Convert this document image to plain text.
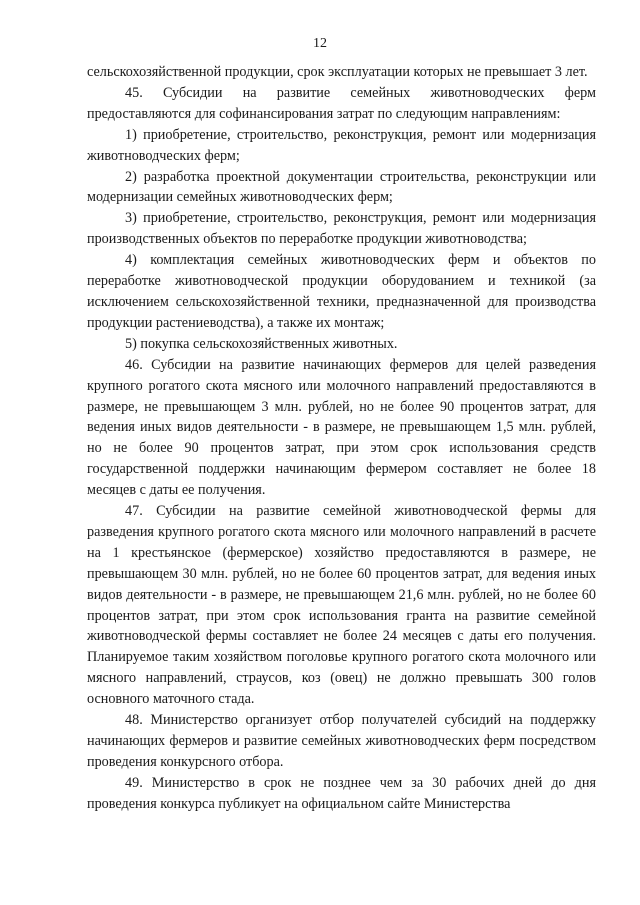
12

сельскохозяйственной продукции, срок эксплуатации которых не превышает 3 лет.

45. Субсидии на развитие семейных животноводческих ферм предоставляются для софинансирования затрат по следующим направлениям:

1) приобретение, строительство, реконструкция, ремонт или модернизация животноводческих ферм;

2) разработка проектной документации строительства, реконструкции или модернизации семейных животноводческих ферм;

3) приобретение, строительство, реконструкция, ремонт или модернизация производственных объектов по переработке продукции животноводства;

4) комплектация семейных животноводческих ферм и объектов по переработке животноводческой продукции оборудованием и техникой (за исключением сельскохозяйственной техники, предназначенной для производства продукции растениеводства), а также их монтаж;

5) покупка сельскохозяйственных животных.

46. Субсидии на развитие начинающих фермеров для целей разведения крупного рогатого скота мясного или молочного направлений предоставляются в размере, не превышающем 3 млн. рублей, но не более 90 процентов затрат, для ведения иных видов деятельности - в размере, не превышающем 1,5 млн. рублей, но не более 90 процентов затрат, при этом срок использования средств государственной поддержки начинающим фермером составляет не более 18 месяцев с даты ее получения.

47. Субсидии на развитие семейной животноводческой фермы для разведения крупного рогатого скота мясного или молочного направлений в расчете на 1 крестьянское (фермерское) хозяйство предоставляются в размере, не превышающем 30 млн. рублей, но не более 60 процентов затрат, для ведения иных видов деятельности - в размере, не превышающем 21,6 млн. рублей, но не более 60 процентов затрат, при этом срок использования гранта на развитие семейной животноводческой фермы составляет не более 24 месяцев с даты его получения. Планируемое таким хозяйством поголовье крупного рогатого скота молочного или мясного направлений, страусов, коз (овец) не должно превышать 300 голов основного маточного стада.

48. Министерство организует отбор получателей субсидий на поддержку начинающих фермеров и развитие семейных животноводческих ферм посредством проведения конкурсного отбора.

49. Министерство в срок не позднее чем за 30 рабочих дней до дня проведения конкурса публикует на официальном сайте Министерства
